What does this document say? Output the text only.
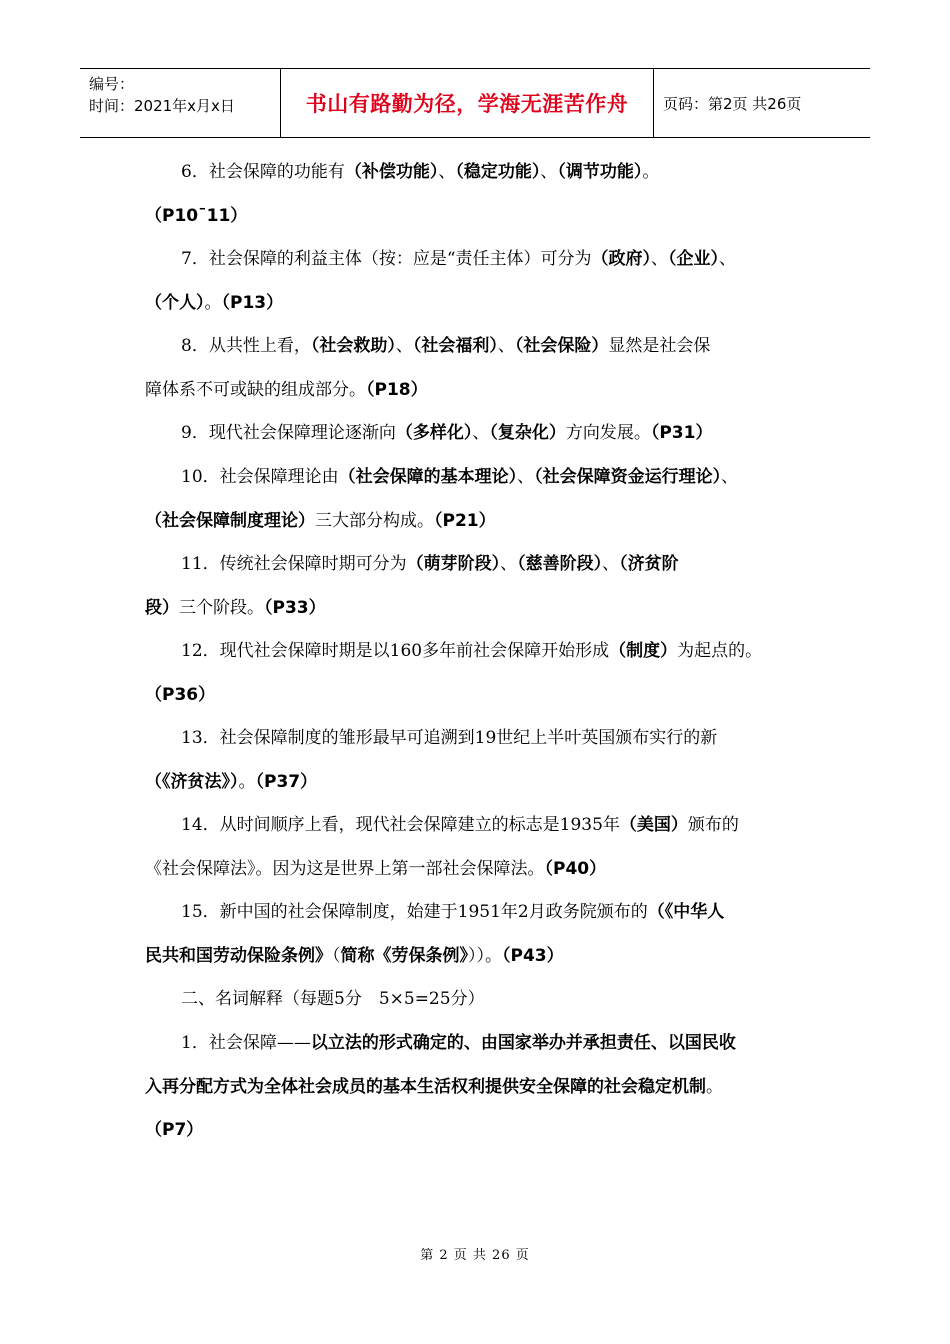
编号：
时间：2021年x月x日	书山有路勤为径，学海无涯苦作舟	页码：第2页 共26页
6．社会保障的功能有（补偿功能）、（稳定功能）、（调节功能）。
（P10¯11）
7．社会保障的利益主体（按：应是“责任主体）可分为（政府）、（企业）、
（个人）。（P13）
8．从共性上看，（社会救助）、（社会福利）、（社会保险）显然是社会保
障体系不可或缺的组成部分。（P18）
9．现代社会保障理论逐渐向（多样化）、（复杂化）方向发展。（P31）
10．社会保障理论由（社会保障的基本理论）、（社会保障资金运行理论）、
（社会保障制度理论）三大部分构成。（P21）
11．传统社会保障时期可分为（萌芽阶段）、（慈善阶段）、（济贫阶
段）三个阶段。（P33）
12．现代社会保障时期是以160多年前社会保障开始形成（制度）为起点的。
（P36）
13．社会保障制度的雏形最早可追溯到19世纪上半叶英国颁布实行的新
（《济贫法》）。（P37）
14．从时间顺序上看，现代社会保障建立的标志是1935年（美国）颁布的
《社会保障法》。因为这是世界上第一部社会保障法。（P40）
15．新中国的社会保障制度，始建于1951年2月政务院颁布的（《中华人
民共和国劳动保险条例》（简称《劳保条例》））。（P43）
二、名词解释（每题5分　5×5=25分）
1．社会保障——以立法的形式确定的、由国家举办并承担责任、以国民收
入再分配方式为全体社会成员的基本生活权利提供安全保障的社会稳定机制。
（P7）
第 2 页 共 26 页
